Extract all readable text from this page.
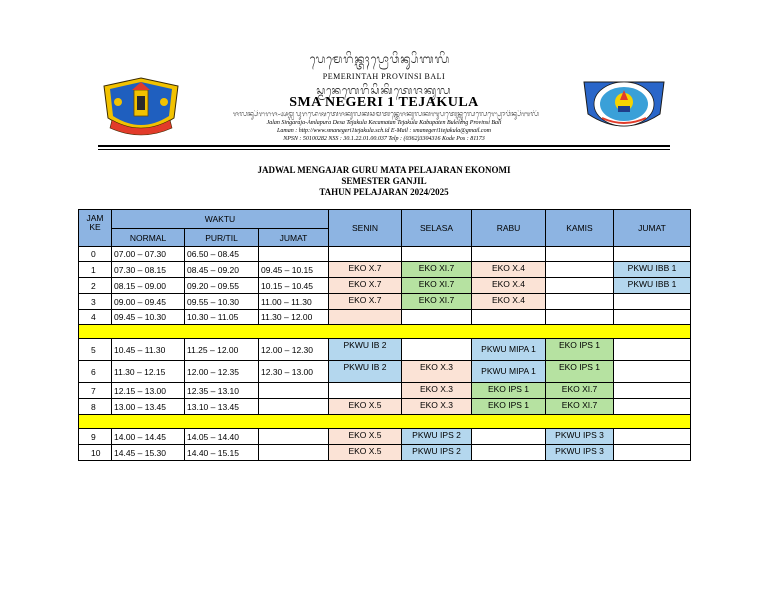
ᬧᬾᬫᬾᬭᬶᬦ᭄ᬢᬄᬧ᭄ᬭᭀᬯᬶᬦ᭄ᬲᬶᬩᬮᬶ
PEMERINTAH PROVINSI BALI
ᬲ᭄ᬫᬦᬾᬕᬾᬭᬶᬲᬶᬓᬶᬢᬾᬚᬓᬸᬮ
SMA NEGERI 1 TEJAKULA
ᬚᬮᬦ᭄ᬲᬶᬗᬭᬚ-ᬅᬫ᭄ᬮᬧᬸᬭᬤᬾᬰᬢᬾᬚᬓᬸᬮᬓᬘᬫᬢᬦ᭄ᬢᬾᬚᬓᬸᬮᬓᬩᬸᬧᬢᬾᬦ᭄ᬩᬸᬮᬾᬮᬾᬗ᭄ᬧ᭄ᬭᭀᬯᬶᬦ᭄ᬲᬶᬩᬮᬶ
Jalan Singaraja-Amlapura Desa Tejakula Kecamatan Tejakula Kabupaten Buleleng Provinsi Bali
Laman : http://www.smanegeri1tejakula.sch.id E-Mail : smanegeri1tejakula@gmail.com
NPSN : 50100282 NSS : 30.1.22.01.00.037 Telp : (0362)3304316 Kode Pos : 81173
JADWAL MENGAJAR GURU MATA PELAJARAN EKONOMI
SEMESTER GANJIL
TAHUN PELAJARAN 2024/2025
JAM KE	WAKTU			SENIN	SELASA	RABU	KAMIS	JUMAT
	NORMAL	PUR/TIL	JUMAT					
0	07.00 – 07.30	06.50 – 08.45						
1	07.30 – 08.15	08.45 – 09.20	09.45 – 10.15	EKO X.7	EKO XI.7	EKO X.4		PKWU IBB 1
2	08.15 – 09.00	09.20 – 09.55	10.15 – 10.45	EKO X.7	EKO XI.7	EKO X.4		PKWU IBB 1
3	09.00 – 09.45	09.55 – 10.30	11.00 – 11.30	EKO X.7	EKO XI.7	EKO X.4		
4	09.45 – 10.30	10.30 – 11.05	11.30 – 12.00					

5	10.45 – 11.30	11.25 – 12.00	12.00 – 12.30	PKWU IB 2		PKWU MIPA 1	EKO IPS 1	
6	11.30 – 12.15	12.00 – 12.35	12.30 – 13.00	PKWU IB 2	EKO X.3	PKWU MIPA 1	EKO IPS 1	
7	12.15 – 13.00	12.35 – 13.10			EKO X.3	EKO IPS 1	EKO XI.7	
8	13.00 – 13.45	13.10 – 13.45		EKO X.5	EKO X.3	EKO IPS 1	EKO XI.7	

9	14.00 – 14.45	14.05 – 14.40		EKO X.5	PKWU IPS 2		PKWU IPS 3	
10	14.45 – 15.30	14.40 – 15.15		EKO X.5	PKWU IPS 2		PKWU IPS 3	
